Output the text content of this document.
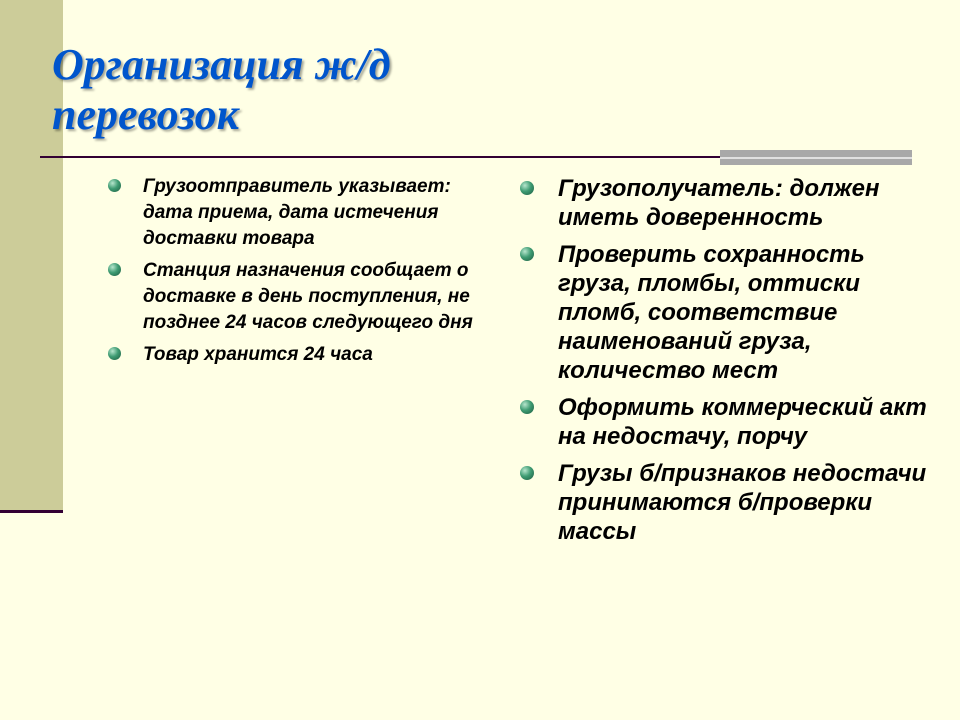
Организация ж/д
перевозок
Грузоотправитель указывает: дата приема, дата истечения доставки товара
Станция назначения сообщает о доставке в день поступления, не позднее 24 часов следующего дня
Товар хранится 24 часа
Грузополучатель: должен иметь доверенность
Проверить сохранность груза, пломбы, оттиски пломб, соответствие наименований груза, количество мест
Оформить коммерческий акт на недостачу, порчу
Грузы б/признаков недостачи принимаются б/проверки массы
